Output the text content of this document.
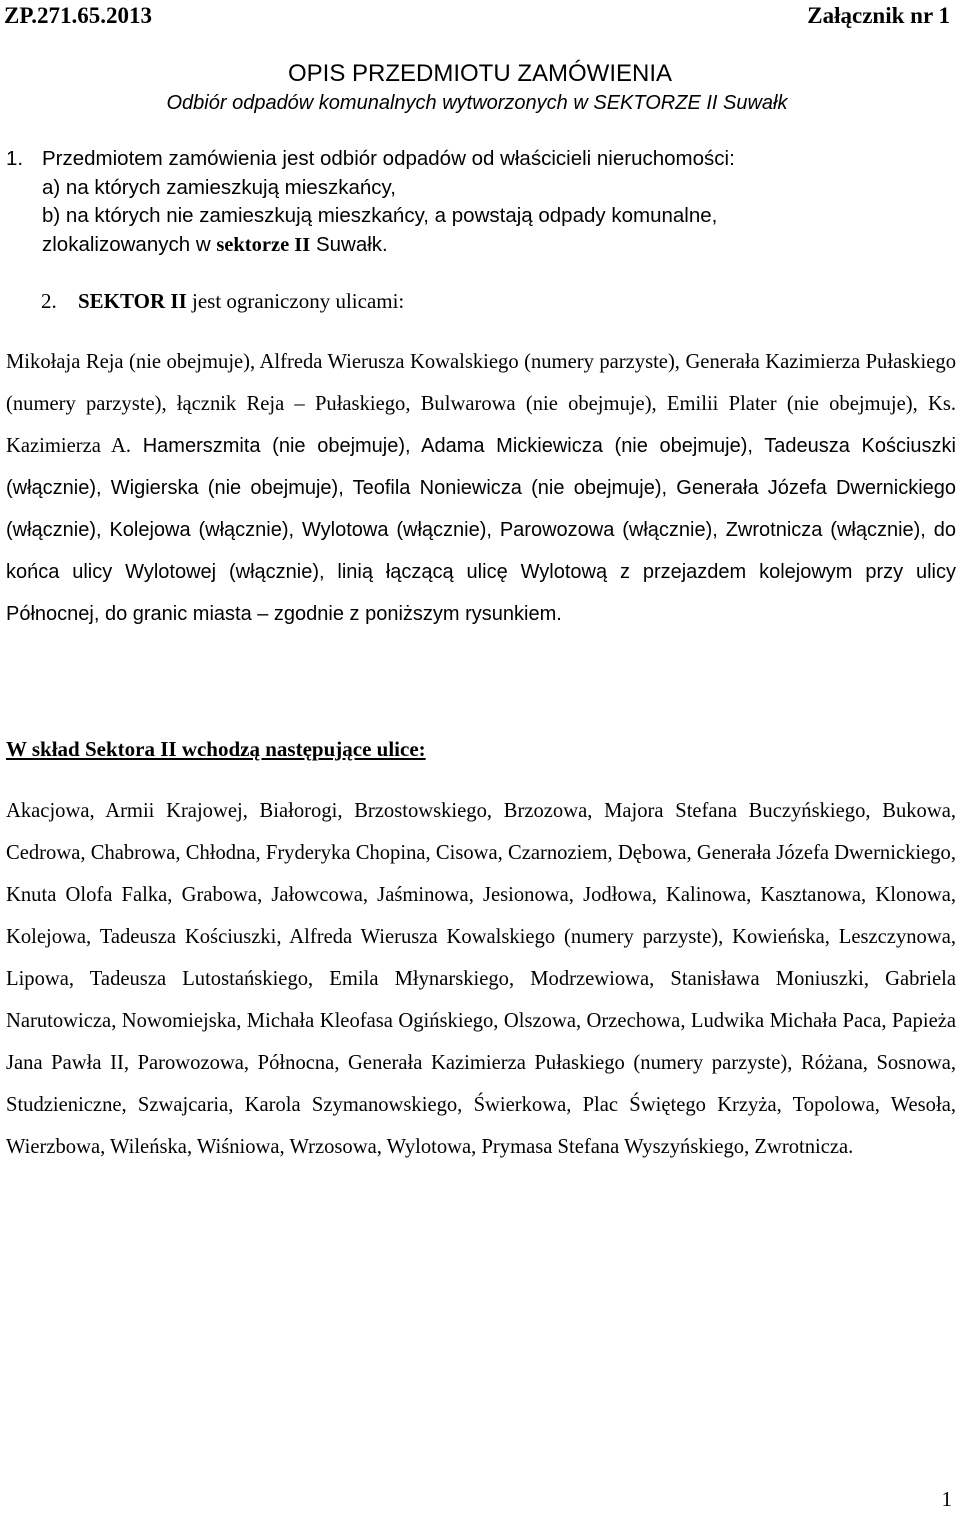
ZP.271.65.2013	Załącznik nr 1
OPIS PRZEDMIOTU ZAMÓWIENIA
Odbiór odpadów komunalnych wytworzonych w SEKTORZE II Suwałk
1. Przedmiotem zamówienia jest odbiór odpadów od właścicieli nieruchomości:
a) na których zamieszkują mieszkańcy,
b) na których nie zamieszkują mieszkańcy, a powstają odpady komunalne,
zlokalizowanych w sektorze II Suwałk.
2. SEKTOR II jest ograniczony ulicami:
Mikołaja Reja (nie obejmuje), Alfreda Wierusza Kowalskiego (numery parzyste), Generała Kazimierza Pułaskiego (numery parzyste), łącznik Reja – Pułaskiego, Bulwarowa (nie obejmuje), Emilii Plater (nie obejmuje), Ks. Kazimierza A. Hamerszmita (nie obejmuje), Adama Mickiewicza (nie obejmuje), Tadeusza Kościuszki (włącznie), Wigierska (nie obejmuje), Teofila Noniewicza (nie obejmuje), Generała Józefa Dwernickiego (włącznie), Kolejowa (włącznie), Wylotowa (włącznie), Parowozowa (włącznie), Zwrotnicza (włącznie), do końca ulicy Wylotowej (włącznie), linią łączącą ulicę Wylotową z przejazdem kolejowym przy ulicy Północnej, do granic miasta – zgodnie z poniższym rysunkiem.
W skład Sektora II wchodzą następujące ulice:
Akacjowa, Armii Krajowej, Białorogi, Brzostowskiego, Brzozowa, Majora Stefana Buczyńskiego, Bukowa, Cedrowa, Chabrowa, Chłodna, Fryderyka Chopina, Cisowa, Czarnoziem, Dębowa, Generała Józefa Dwernickiego, Knuta Olofa Falka, Grabowa, Jałowcowa, Jaśminowa, Jesionowa, Jodłowa, Kalinowa, Kasztanowa, Klonowa, Kolejowa, Tadeusza Kościuszki, Alfreda Wierusza Kowalskiego (numery parzyste), Kowieńska, Leszczynowa, Lipowa, Tadeusza Lutostańskiego, Emila Młynarskiego, Modrzewiowa, Stanisława Moniuszki, Gabriela Narutowicza, Nowomiejska, Michała Kleofasa Ogińskiego, Olszowa, Orzechowa, Ludwika Michała Paca, Papieża Jana Pawła II, Parowozowa, Północna, Generała Kazimierza Pułaskiego (numery parzyste), Różana, Sosnowa, Studzieniczne, Szwajcaria, Karola Szymanowskiego, Świerkowa, Plac Świętego Krzyża, Topolowa, Wesoła, Wierzbowa, Wileńska, Wiśniowa, Wrzosowa, Wylotowa, Prymasa Stefana Wyszyńskiego, Zwrotnicza.
1
